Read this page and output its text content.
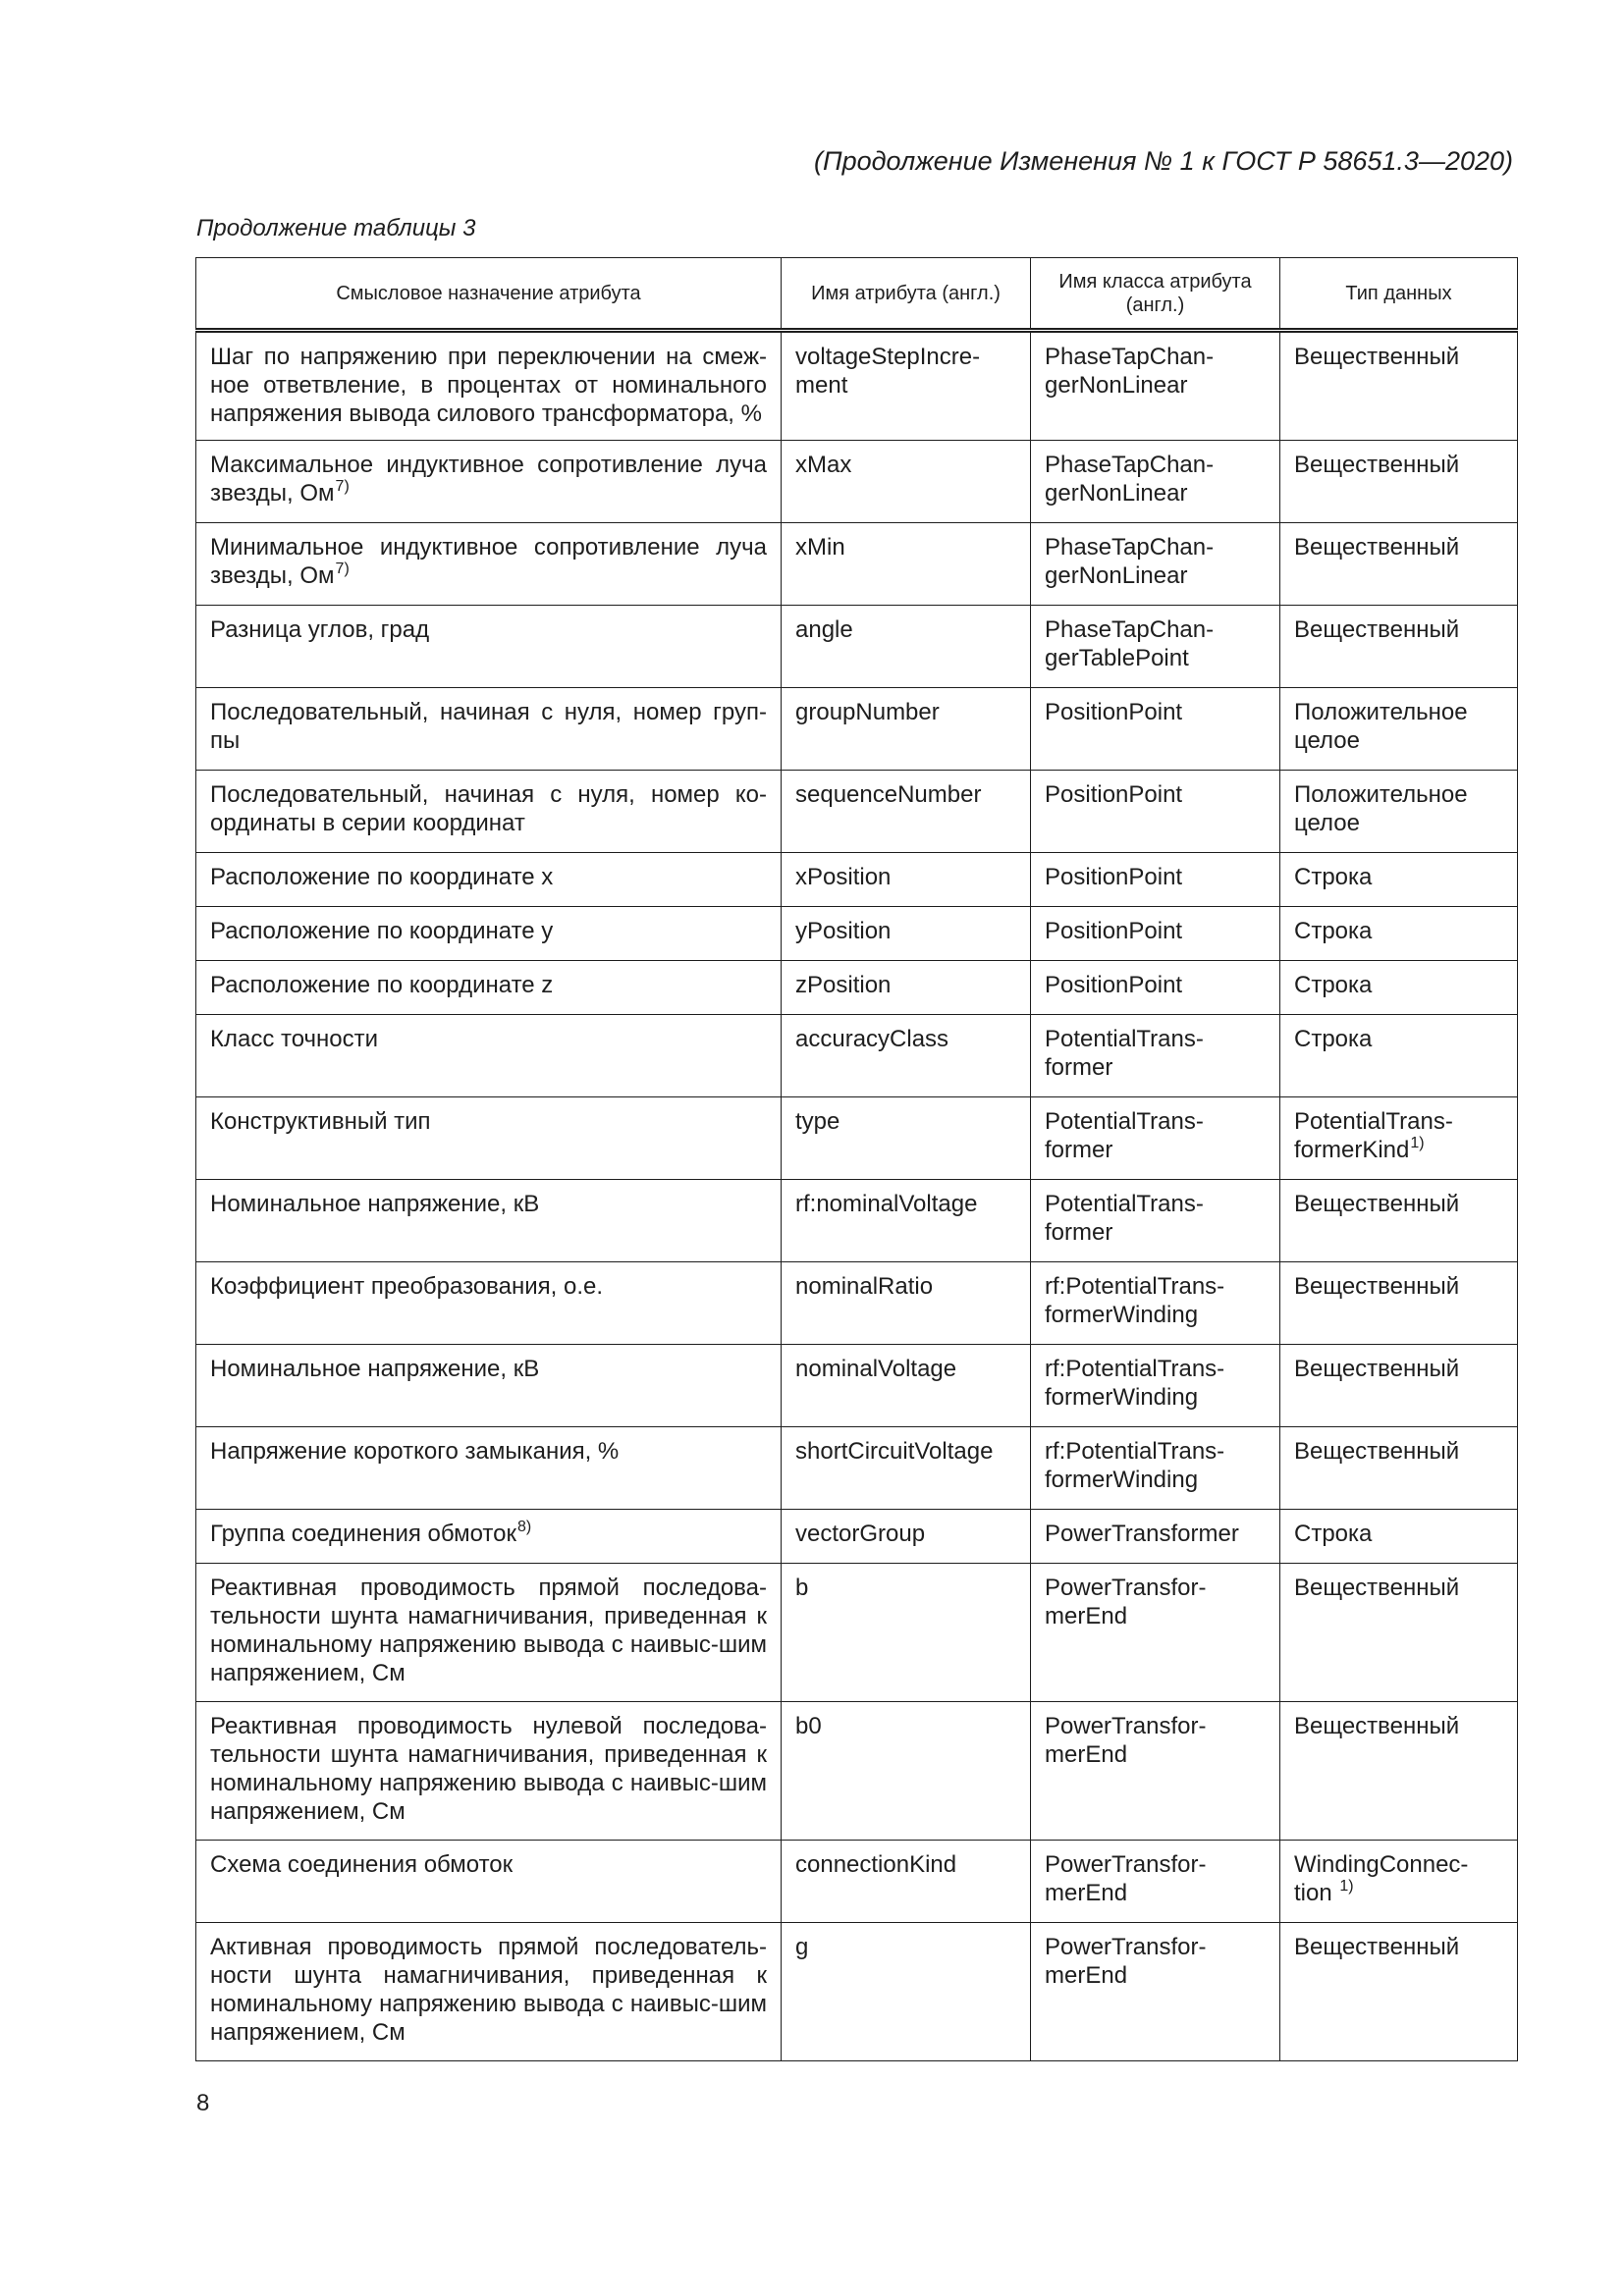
(Продолжение Изменения № 1 к ГОСТ Р 58651.3—2020)
Продолжение таблицы 3
Смысловое назначение атрибута	Имя атрибута (англ.)	Имя класса атрибута (англ.)	Тип данных
Шаг по напряжению при переключении на смеж-ное ответвление, в процентах от номинального напряжения вывода силового трансформатора, %	voltageStepIncre-ment	PhaseTapChan-gerNonLinear	Вещественный
Максимальное индуктивное сопротивление луча звезды, Ом$^{7)}$	xMax	PhaseTapChan-gerNonLinear	Вещественный
Минимальное индуктивное сопротивление луча звезды, Ом$^{7)}$	xMin	PhaseTapChan-gerNonLinear	Вещественный
Разница углов, град	angle	PhaseTapChan-gerTablePoint	Вещественный
Последовательный, начиная с нуля, номер груп-пы	groupNumber	PositionPoint	Положительное целое
Последовательный, начиная с нуля, номер ко-ординаты в серии координат	sequenceNumber	PositionPoint	Положительное целое
Расположение по координате x	xPosition	PositionPoint	Строка
Расположение по координате y	yPosition	PositionPoint	Строка
Расположение по координате z	zPosition	PositionPoint	Строка
Класс точности	accuracyClass	PotentialTrans-former	Строка
Конструктивный тип	type	PotentialTrans-former	PotentialTrans-formerKind$^{1)}$
Номинальное напряжение, кВ	rf:nominalVoltage	PotentialTrans-former	Вещественный
Коэффициент преобразования, о.е.	nominalRatio	rf:PotentialTrans-formerWinding	Вещественный
Номинальное напряжение, кВ	nominalVoltage	rf:PotentialTrans-formerWinding	Вещественный
Напряжение короткого замыкания, %	shortCircuitVoltage	rf:PotentialTrans-formerWinding	Вещественный
Группа соединения обмоток$^{8)}$	vectorGroup	PowerTransformer	Строка
Реактивная проводимость прямой последова-тельности шунта намагничивания, приведенная к номинальному напряжению вывода с наивыс-шим напряжением, См	b	PowerTransfor-merEnd	Вещественный
Реактивная проводимость нулевой последова-тельности шунта намагничивания, приведенная к номинальному напряжению вывода с наивыс-шим напряжением, См	b0	PowerTransfor-merEnd	Вещественный
Схема соединения обмоток	connectionKind	PowerTransfor-merEnd	WindingConnec-tion $^{1)}$
Активная проводимость прямой последователь-ности шунта намагничивания, приведенная к номинальному напряжению вывода с наивыс-шим напряжением, См	g	PowerTransfor-merEnd	Вещественный
8
